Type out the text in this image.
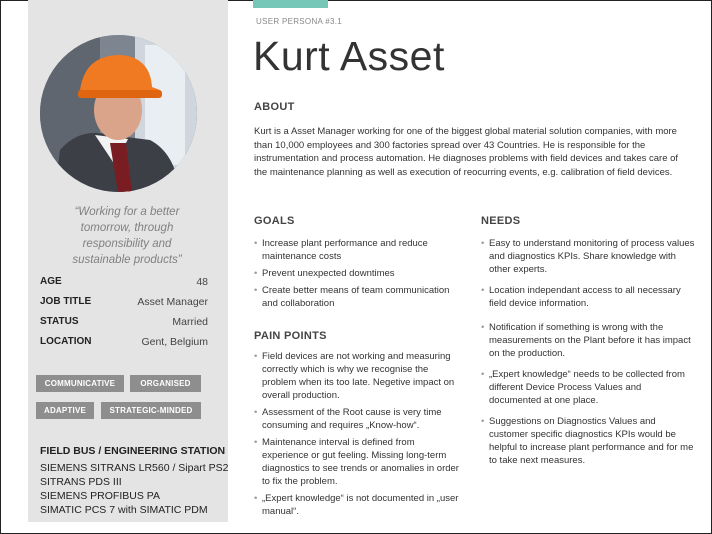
“Working for a better tomorrow, through responsibility and sustainable products”
AGE	48
JOB TITLE	Asset Manager
STATUS	Married
LOCATION	Gent, Belgium
COMMUNICATIVE	ORGANISED
ADAPTIVE	STRATEGIC-MINDED
FIELD BUS / ENGINEERING STATION
SIEMENS SITRANS LR560 / Sipart PS2
SITRANS PDS III
SIEMENS PROFIBUS PA
SIMATIC PCS 7 with SIMATIC PDM
USER PERSONA #3.1
Kurt Asset
ABOUT
Kurt is a Asset Manager working for one of the biggest global material solution companies, with more than 10,000 employees and 300 factories spread over 43 Countries. He is responsible for the instrumentation and process automation. He diagnoses problems with field devices and takes care of the maintenance planning as well as execution of reocurring events, e.g. calibration of field devices.
GOALS
• Increase plant performance and reduce maintenance costs
• Prevent unexpected downtimes
• Create better means of team communication and collaboration
PAIN POINTS
• Field devices are not working and measuring correctly which is why we recognise the problem when its too late. Negetive impact on overall production.
• Assessment of the Root cause is very time consuming and requires „Know-how“.
• Maintenance interval is defined from experience or gut feeling. Missing long-term diagnostics to see trends or anomalies in order to fix the problem.
• „Expert knowledge“ is not documented in „user manual“.
NEEDS
• Easy to understand monitoring of process values and diagnostics KPIs. Share knowledge with other experts.
• Location independant access to all necessary field device information.
• Notification if something is wrong with the measurements on the Plant before it has impact on the production.
• „Expert knowledge“ needs to be collected from different Device Process Values and documented at one place.
• Suggestions on Diagnostics Values and customer specific diagnostics KPIs would be helpful to increase plant performance and for me to take next measures.
